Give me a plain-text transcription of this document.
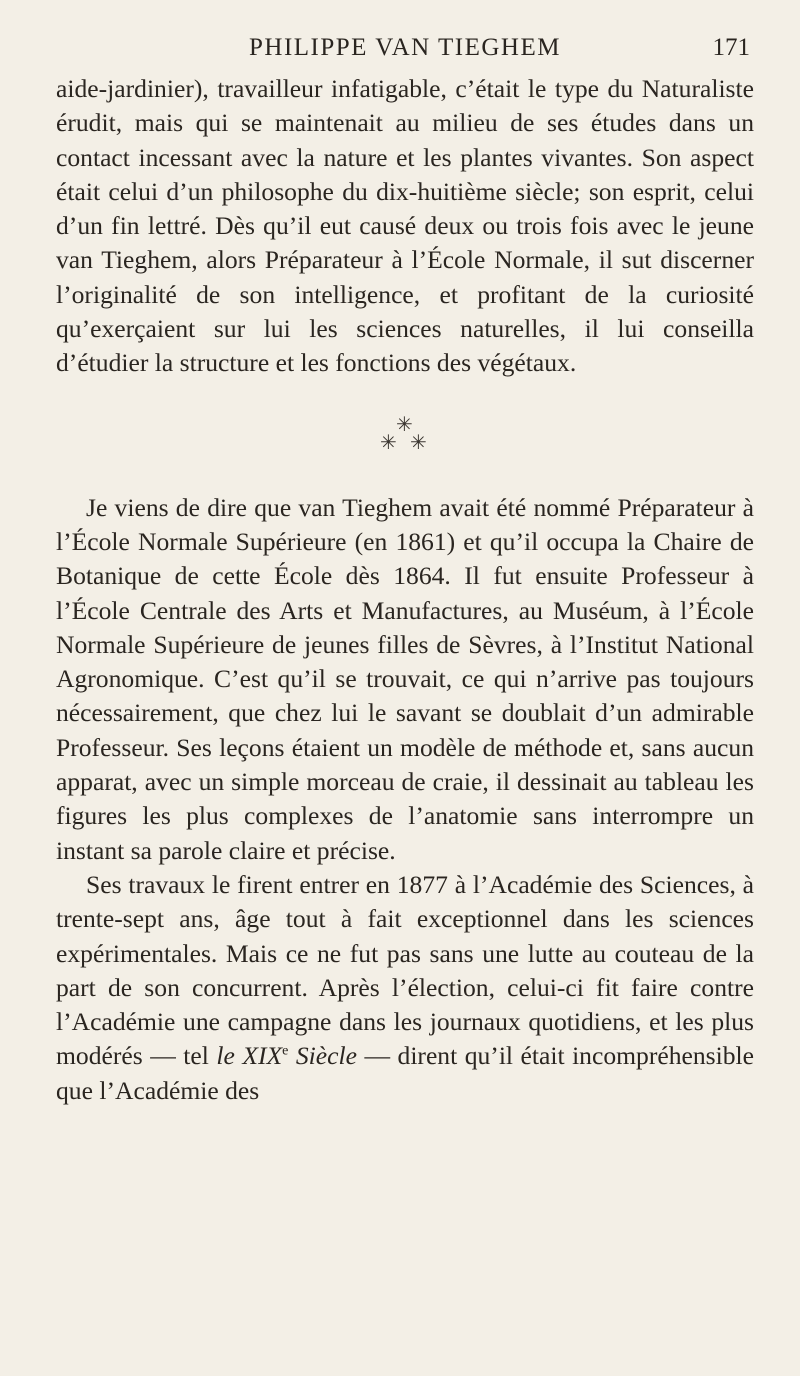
PHILIPPE VAN TIEGHEM	171

aide-jardinier), travailleur infatigable, c’était le type du Naturaliste érudit, mais qui se maintenait au milieu de ses études dans un contact incessant avec la nature et les plantes vivantes. Son aspect était celui d’un philosophe du dix-huitième siècle; son esprit, celui d’un fin lettré. Dès qu’il eut causé deux ou trois fois avec le jeune van Tieghem, alors Préparateur à l’École Normale, il sut discerner l’originalité de son intelligence, et profitant de la curiosité qu’exerçaient sur lui les sciences naturelles, il lui conseilla d’étudier la structure et les fonctions des végétaux.

✳
✳ ✳

Je viens de dire que van Tieghem avait été nommé Préparateur à l’École Normale Supérieure (en 1861) et qu’il occupa la Chaire de Botanique de cette École dès 1864. Il fut ensuite Professeur à l’École Centrale des Arts et Manufactures, au Muséum, à l’École Normale Supérieure de jeunes filles de Sèvres, à l’Institut National Agronomique. C’est qu’il se trouvait, ce qui n’arrive pas toujours nécessairement, que chez lui le savant se doublait d’un admirable Professeur. Ses leçons étaient un modèle de méthode et, sans aucun apparat, avec un simple morceau de craie, il dessinait au tableau les figures les plus complexes de l’anatomie sans interrompre un instant sa parole claire et précise.

Ses travaux le firent entrer en 1877 à l’Académie des Sciences, à trente-sept ans, âge tout à fait exceptionnel dans les sciences expérimentales. Mais ce ne fut pas sans une lutte au couteau de la part de son concurrent. Après l’élection, celui-ci fit faire contre l’Académie une campagne dans les journaux quotidiens, et les plus modérés — tel le XIXe Siècle — dirent qu’il était incompréhensible que l’Académie des
